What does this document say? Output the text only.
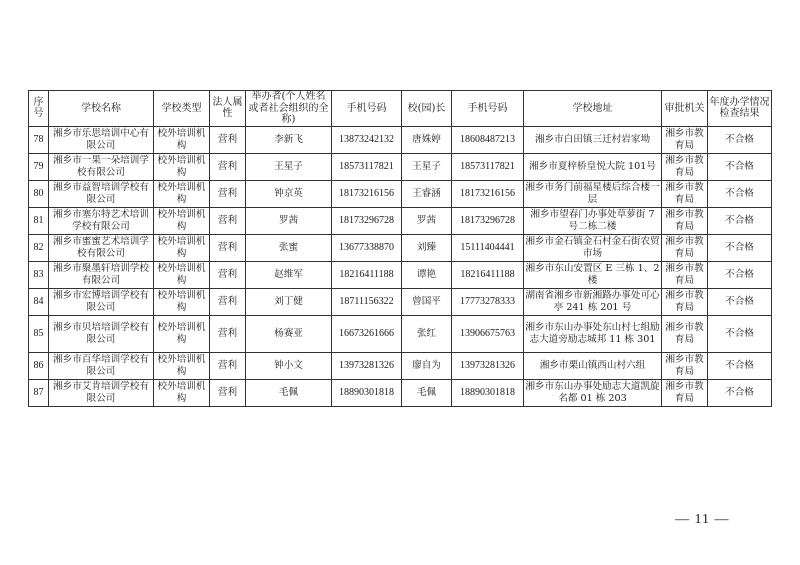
序号	学校名称	学校类型	法人属性	举办者(个人姓名或者社会组织的全称)	手机号码	校(园)长	手机号码	学校地址	审批机关	年度办学情况检查结果
78	湘乡市乐思培训中心有限公司	校外培训机构	营利	李新飞	13873242132	唐姝婷	18608487213	湘乡市白田镇三迁村岩家坳	湘乡市教育局	不合格
79	湘乡市一果一朵培训学校有限公司	校外培训机构	营利	王星子	18573117821	王星子	18573117821	湘乡市夏梓桥皇悦大院 101号	湘乡市教育局	不合格
80	湘乡市益智培训学校有限公司	校外培训机构	营利	钟京英	18173216156	王睿涵	18173216156	湘乡市务门前福星楼后综合楼一层	湘乡市教育局	不合格
81	湘乡市塞尔特艺术培训学校有限公司	校外培训机构	营利	罗茜	18173296728	罗茜	18173296728	湘乡市望春门办事处草萝街 7 号二栋二楼	湘乡市教育局	不合格
82	湘乡市蜜蜜艺术培训学校有限公司	校外培训机构	营利	张蜜	13677338870	刘臻	15111404441	湘乡市金石镇金石村金石街农贸市场	湘乡市教育局	不合格
83	湘乡市聚墨轩培训学校有限公司	校外培训机构	营利	赵维军	18216411188	谭艳	18216411188	湘乡市东山安置区 E 三栋 1、2 楼	湘乡市教育局	不合格
84	湘乡市宏博培训学校有限公司	校外培训机构	营利	刘丁健	18711156322	曾国平	17773278333	湖南省湘乡市新湘路办事处可心亭 241 栋 201 号	湘乡市教育局	不合格
85	湘乡市贝培培训学校有限公司	校外培训机构	营利	杨赛亚	16673261666	张红	13906675763	湘乡市东山办事处东山村七组励志大道旁励志城邦 11 栋 301	湘乡市教育局	不合格
86	湘乡市百华培训学校有限公司	校外培训机构	营利	钟小文	13973281326	廖自为	13973281326	湘乡市栗山镇西山村六组	湘乡市教育局	不合格
87	湘乡市艾肯培训学校有限公司	校外培训机构	营利	毛佩	18890301818	毛佩	18890301818	湘乡市东山办事处励志大道凯旋名都 01 栋 203	湘乡市教育局	不合格
— 11 —
